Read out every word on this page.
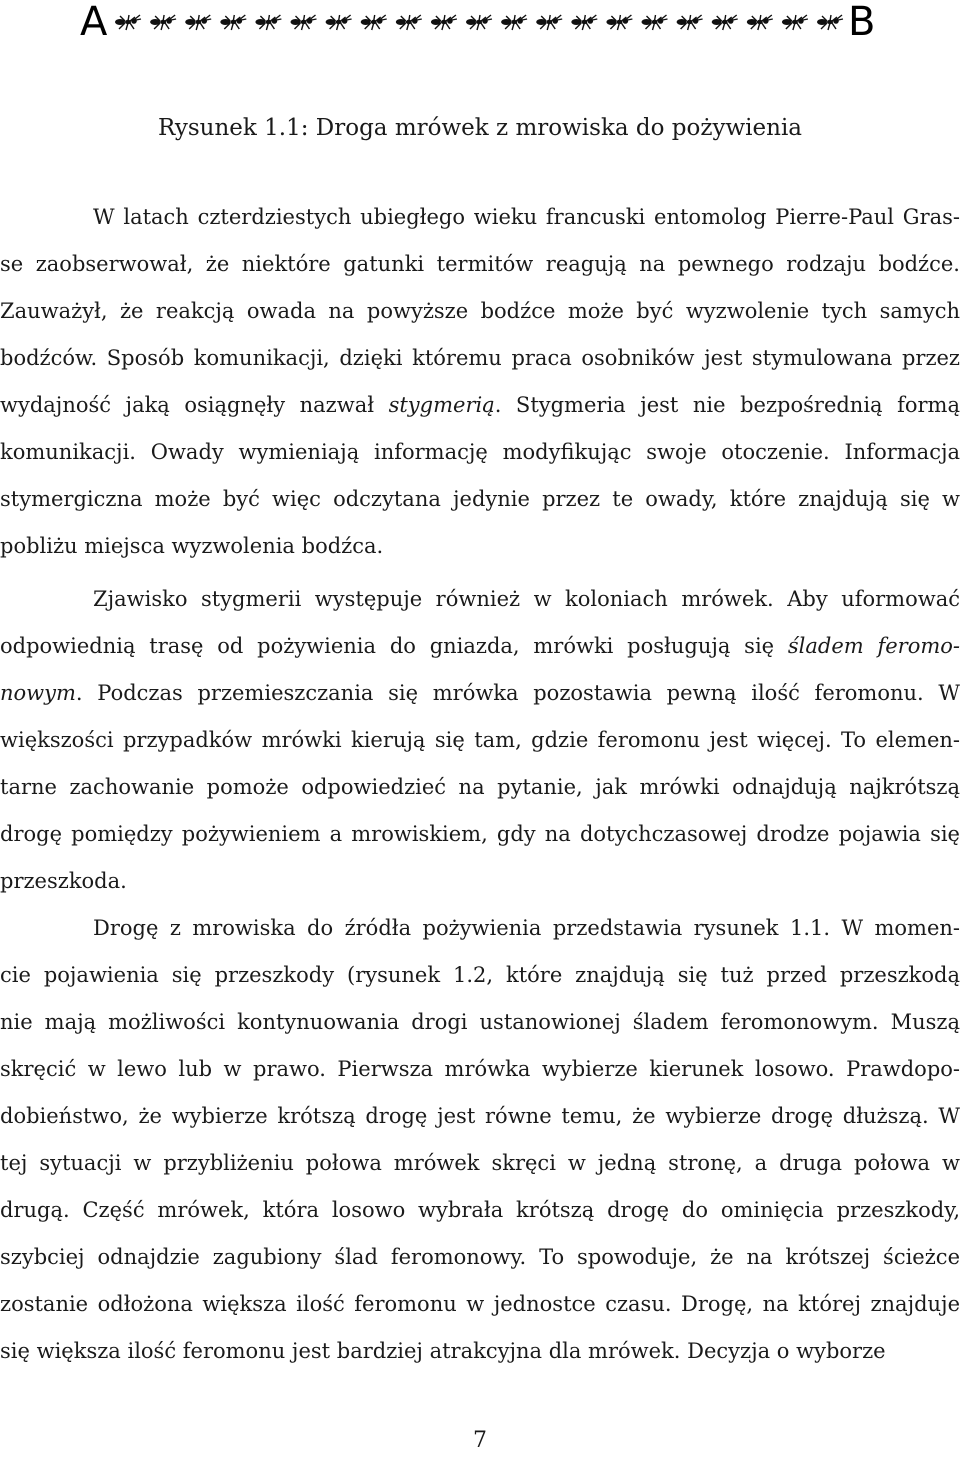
A	B
Rysunek 1.1: Droga mrówek z mrowiska do pożywienia
W latach czterdziestych ubiegłego wieku francuski entomolog Pierre-Paul Gras-
se zaobserwował, że niektóre gatunki termitów reagują na pewnego rodzaju bodźce.
Zauważył, że reakcją owada na powyższe bodźce może być wyzwolenie tych samych
bodźców. Sposób komunikacji, dzięki któremu praca osobników jest stymulowana przez
wydajność jaką osiągnęły nazwał stygmerią. Stygmeria jest nie bezpośrednią formą
komunikacji. Owady wymieniają informację modyfikując swoje otoczenie. Informacja
stymergiczna może być więc odczytana jedynie przez te owady, które znajdują się w
pobliżu miejsca wyzwolenia bodźca.
Zjawisko stygmerii występuje również w koloniach mrówek. Aby uformować
odpowiednią trasę od pożywienia do gniazda, mrówki posługują się śladem feromo-
nowym. Podczas przemieszczania się mrówka pozostawia pewną ilość feromonu. W
większości przypadków mrówki kierują się tam, gdzie feromonu jest więcej. To elemen-
tarne zachowanie pomoże odpowiedzieć na pytanie, jak mrówki odnajdują najkrótszą
drogę pomiędzy pożywieniem a mrowiskiem, gdy na dotychczasowej drodze pojawia się
przeszkoda.
Drogę z mrowiska do źródła pożywienia przedstawia rysunek 1.1. W momen-
cie pojawienia się przeszkody (rysunek 1.2, które znajdują się tuż przed przeszkodą
nie mają możliwości kontynuowania drogi ustanowionej śladem feromonowym. Muszą
skręcić w lewo lub w prawo. Pierwsza mrówka wybierze kierunek losowo. Prawdopo-
dobieństwo, że wybierze krótszą drogę jest równe temu, że wybierze drogę dłuższą. W
tej sytuacji w przybliżeniu połowa mrówek skręci w jedną stronę, a druga połowa w
drugą. Część mrówek, która losowo wybrała krótszą drogę do ominięcia przeszkody,
szybciej odnajdzie zagubiony ślad feromonowy. To spowoduje, że na krótszej ścieżce
zostanie odłożona większa ilość feromonu w jednostce czasu. Drogę, na której znajduje
się większa ilość feromonu jest bardziej atrakcyjna dla mrówek. Decyzja o wyborze
7
